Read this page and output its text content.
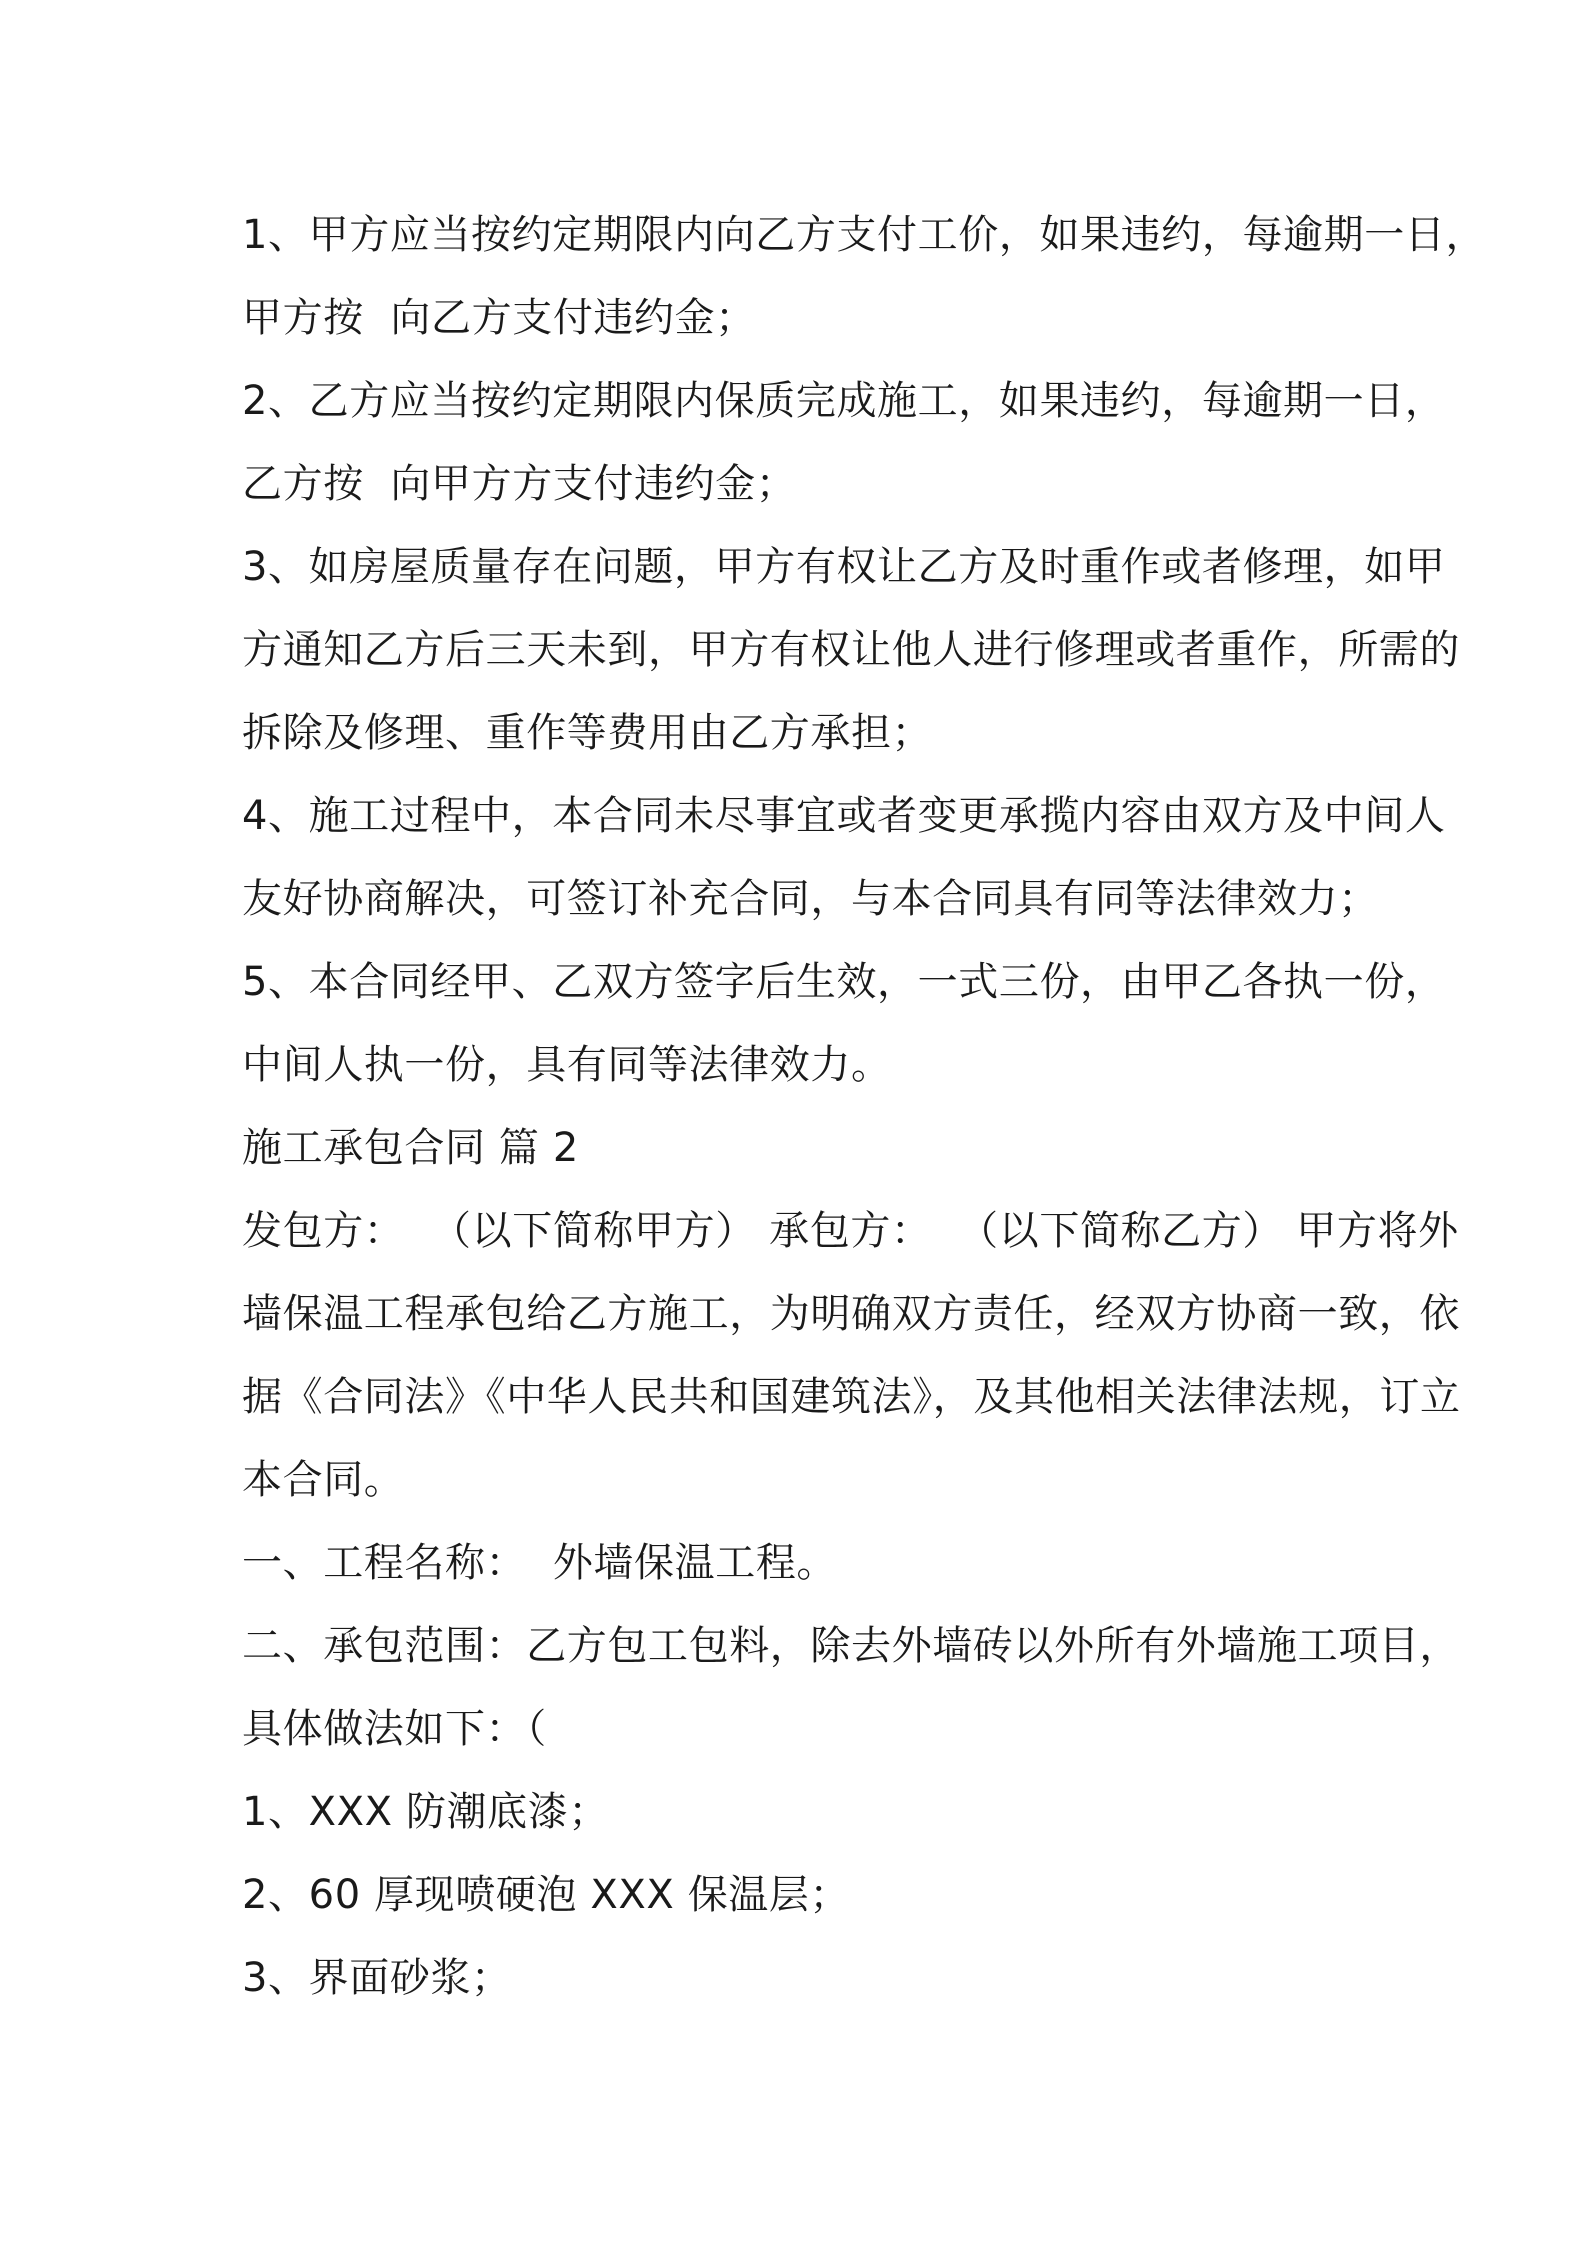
1、甲方应当按约定期限内向乙方支付工价，如果违约，每逾期一日，
甲方按  向乙方支付违约金；
2、乙方应当按约定期限内保质完成施工，如果违约，每逾期一日，
乙方按  向甲方方支付违约金；
3、如房屋质量存在问题，甲方有权让乙方及时重作或者修理，如甲
方通知乙方后三天未到，甲方有权让他人进行修理或者重作，所需的
拆除及修理、重作等费用由乙方承担；
4、施工过程中，本合同未尽事宜或者变更承揽内容由双方及中间人
友好协商解决，可签订补充合同，与本合同具有同等法律效力；
5、本合同经甲、乙双方签字后生效，一式三份，由甲乙各执一份，
中间人执一份，具有同等法律效力。
施工承包合同 篇 2
发包方：  （以下简称甲方） 承包方：  （以下简称乙方） 甲方将外
墙保温工程承包给乙方施工，为明确双方责任，经双方协商一致，依
据《合同法》《中华人民共和国建筑法》，及其他相关法律法规，订立
本合同。
一、工程名称：  外墙保温工程。
二、承包范围：乙方包工包料，除去外墙砖以外所有外墙施工项目，
具体做法如下：（
1、XXX 防潮底漆；
2、60 厚现喷硬泡 XXX 保温层；
3、界面砂浆；
